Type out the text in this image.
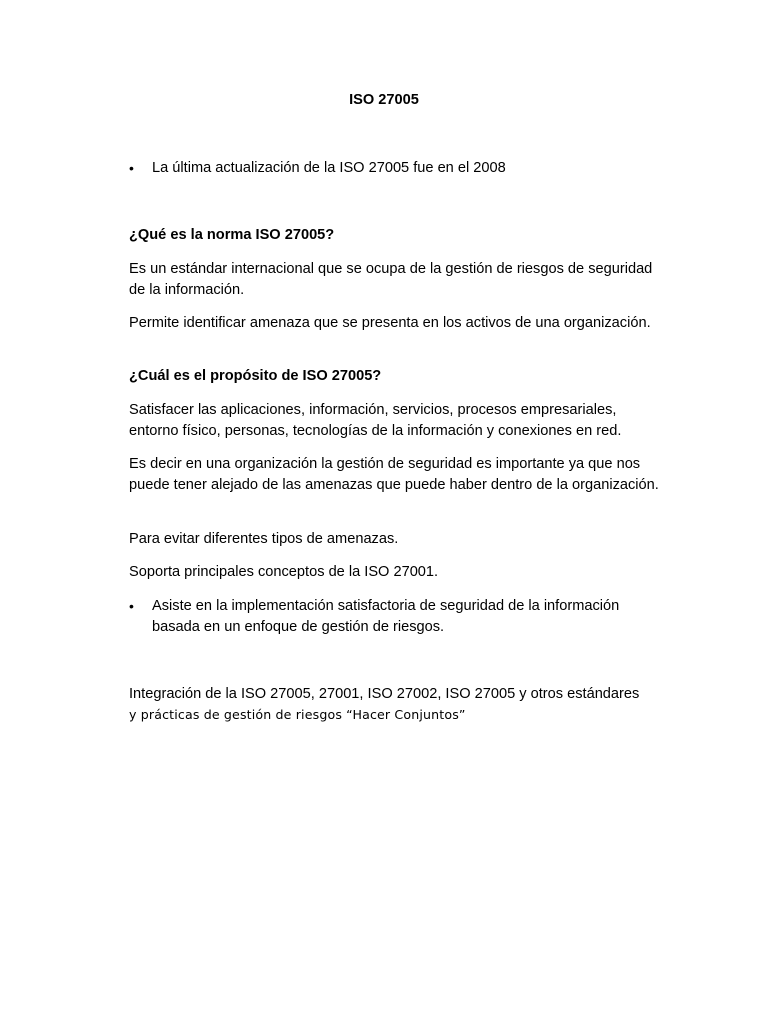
ISO 27005
•	La última actualización de la ISO 27005 fue en el 2008
¿Qué es la norma ISO 27005?
Es un estándar internacional que se ocupa de la gestión de riesgos de seguridad de la información.
Permite identificar amenaza que se presenta en los activos de una organización.
¿Cuál es el propósito de ISO 27005?
Satisfacer las aplicaciones, información, servicios, procesos empresariales, entorno físico, personas, tecnologías de la información y conexiones en red.
Es decir en una organización la gestión de seguridad es importante ya que nos puede tener alejado de las amenazas que puede haber dentro de la organización.
Para evitar diferentes tipos de amenazas.
Soporta principales conceptos de la ISO 27001.
•	Asiste en la implementación satisfactoria de seguridad de la información basada en un enfoque de gestión de riesgos.
Integración de la ISO 27005, 27001, ISO 27002, ISO 27005 y otros estándares
y prácticas de gestión de riesgos “Hacer Conjuntos”
